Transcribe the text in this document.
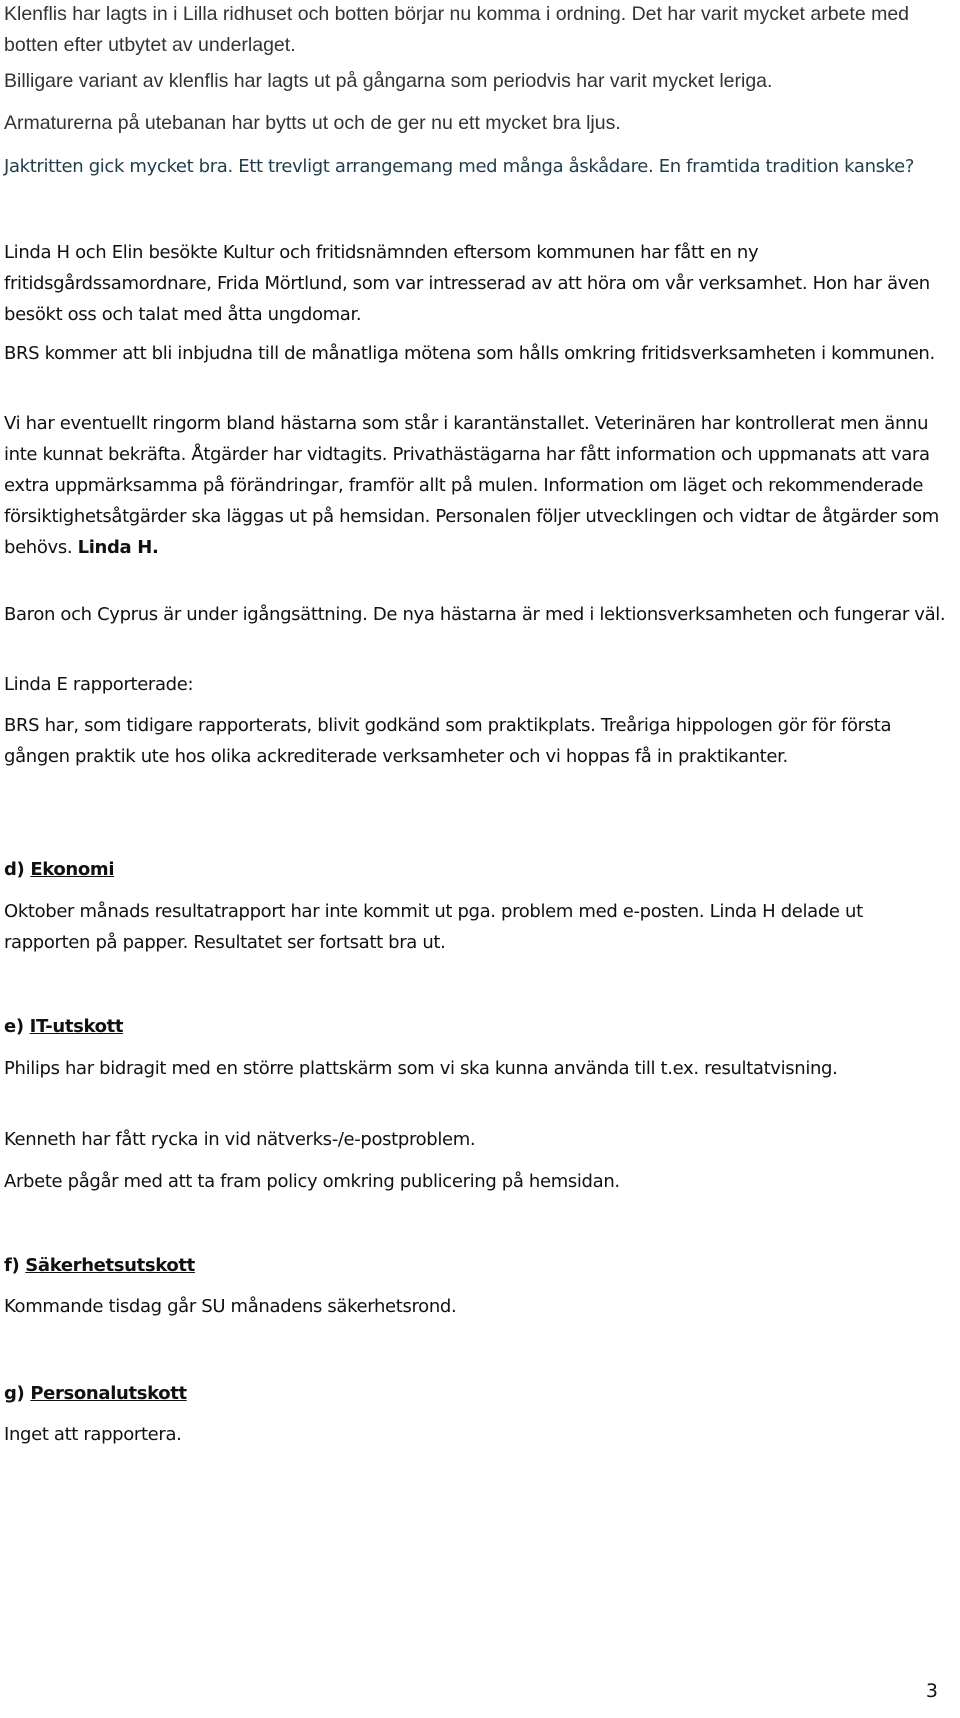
Klenflis har lagts in i Lilla ridhuset och botten börjar nu komma i ordning. Det har varit mycket arbete med botten efter utbytet av underlaget.

Billigare variant av klenflis har lagts ut på gångarna som periodvis har varit mycket leriga.

Armaturerna på utebanan har bytts ut och de ger nu ett mycket bra ljus.

Jaktritten gick mycket bra. Ett trevligt arrangemang med många åskådare. En framtida tradition kanske?

Linda H och Elin besökte Kultur och fritidsnämnden eftersom kommunen har fått en ny fritidsgårdssamordnare, Frida Mörtlund, som var intresserad av att höra om vår verksamhet. Hon har även besökt oss och talat med åtta ungdomar.

BRS kommer att bli inbjudna till de månatliga mötena som hålls omkring fritidsverksamheten i kommunen.

Vi har eventuellt ringorm bland hästarna som står i karantänstallet. Veterinären har kontrollerat men ännu inte kunnat bekräfta. Åtgärder har vidtagits. Privathästägarna har fått information och uppmanats att vara extra uppmärksamma på förändringar, framför allt på mulen. Information om läget och rekommenderade försiktighetsåtgärder ska läggas ut på hemsidan. Personalen följer utvecklingen och vidtar de åtgärder som behövs. Linda H.

Baron och Cyprus är under igångsättning. De nya hästarna är med i lektionsverksamheten och fungerar väl.

Linda E rapporterade:

BRS har, som tidigare rapporterats, blivit godkänd som praktikplats. Treåriga hippologen gör för första gången praktik ute hos olika ackrediterade verksamheter och vi hoppas få in praktikanter.

d) Ekonomi

Oktober månads resultatrapport har inte kommit ut pga. problem med e-posten. Linda H delade ut rapporten på papper. Resultatet ser fortsatt bra ut.

e) IT-utskott

Philips har bidragit med en större plattskärm som vi ska kunna använda till t.ex. resultatvisning.

Kenneth har fått rycka in vid nätverks-/e-postproblem.

Arbete pågår med att ta fram policy omkring publicering på hemsidan.

f) Säkerhetsutskott

Kommande tisdag går SU månadens säkerhetsrond.

g) Personalutskott

Inget att rapportera.

3
